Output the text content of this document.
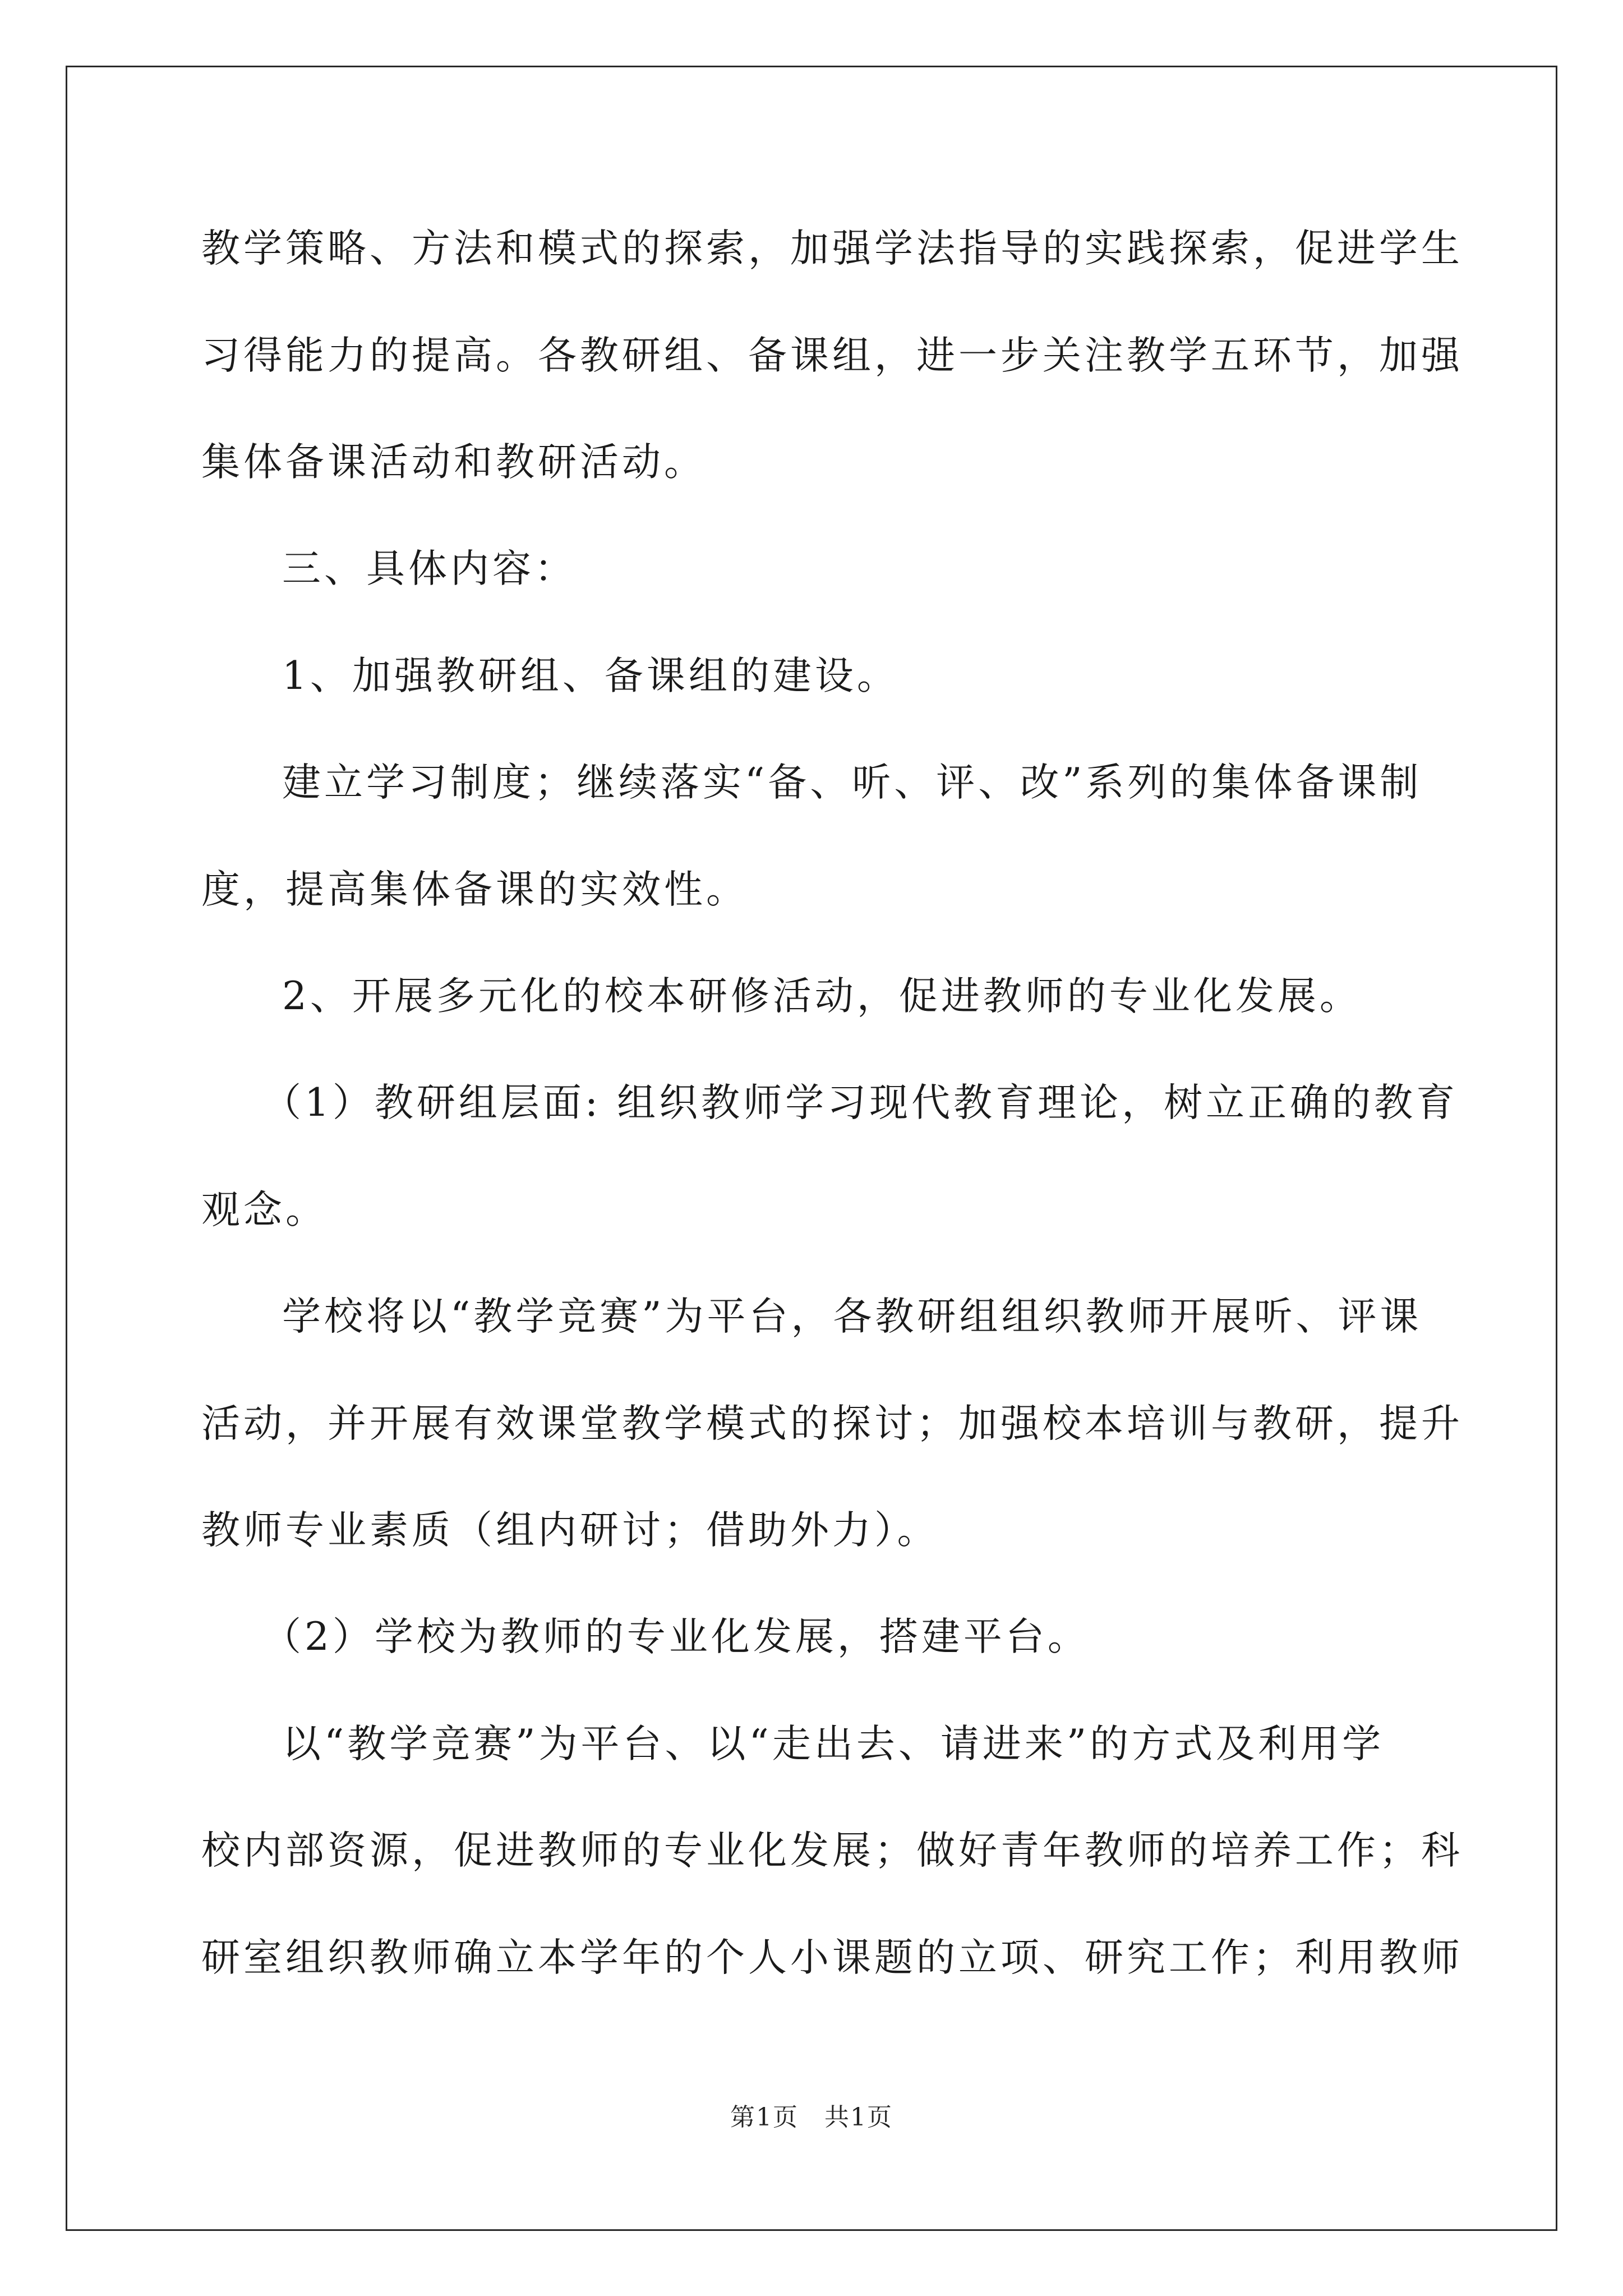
教学策略、方法和模式的探索，加强学法指导的实践探索，促进学生
习得能力的提高。各教研组、备课组，进一步关注教学五环节，加强
集体备课活动和教研活动。
三、具体内容：
1、加强教研组、备课组的建设。
建立学习制度；继续落实“备、听、评、改”系列的集体备课制
度，提高集体备课的实效性。
2、开展多元化的校本研修活动，促进教师的专业化发展。
（1）教研组层面: 组织教师学习现代教育理论，树立正确的教育
观念。
学校将以“教学竞赛”为平台，各教研组组织教师开展听、评课
活动，并开展有效课堂教学模式的探讨；加强校本培训与教研，提升
教师专业素质（组内研讨；借助外力）。
（2）学校为教师的专业化发展，搭建平台。
以“教学竞赛”为平台、以“走出去、请进来”的方式及利用学
校内部资源，促进教师的专业化发展；做好青年教师的培养工作；科
研室组织教师确立本学年的个人小课题的立项、研究工作；利用教师
第1页　共1页
